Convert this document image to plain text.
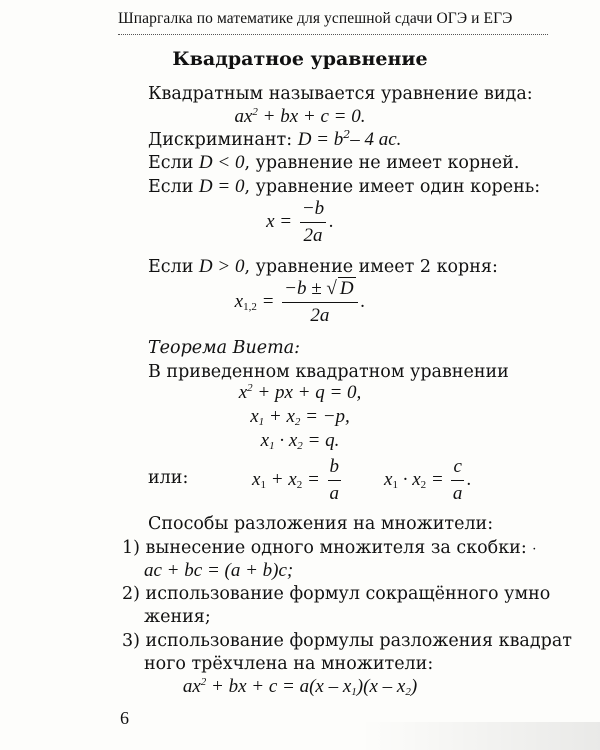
Шпаргалка по математике для успешной сдачи ОГЭ и ЕГЭ
Квадратное уравнение
Квадратным называется уравнение вида:
$ax^2$ + bx + c = 0.
Дискриминант: $D = b^2-$ 4 ac.
Если D < 0, уравнение не имеет корней.
Если D = 0, уравнение имеет один корень:
$x = \frac{-b}{2a}$ .
Если D > 0, уравнение имеет 2 корня:
$x_{1,2} = \frac{-b \pm √ D}{2a}$ .
Теорема Виета:
В приведенном квадратном уравнении
$x^2$ + px + q = 0,
$x_1 + x_2 = -p$,
$x_1 \cdot x_2 = q$.
или:	$x_1 + x_2 = \frac{b}{a} x_1 \cdot x_2 = \frac{c}{a}$ .
Способы разложения на множители:
1) вынесение одного множителя за скобки: ·
ac + bc = (a + b)c;
2) использование формул сокращённого умно
жения;
3) использование формулы разложения квадрат
ного трёхчлена на множители:
$ax^2$ + bx + $c = a(x - x_1)(x - x_2)$
6
